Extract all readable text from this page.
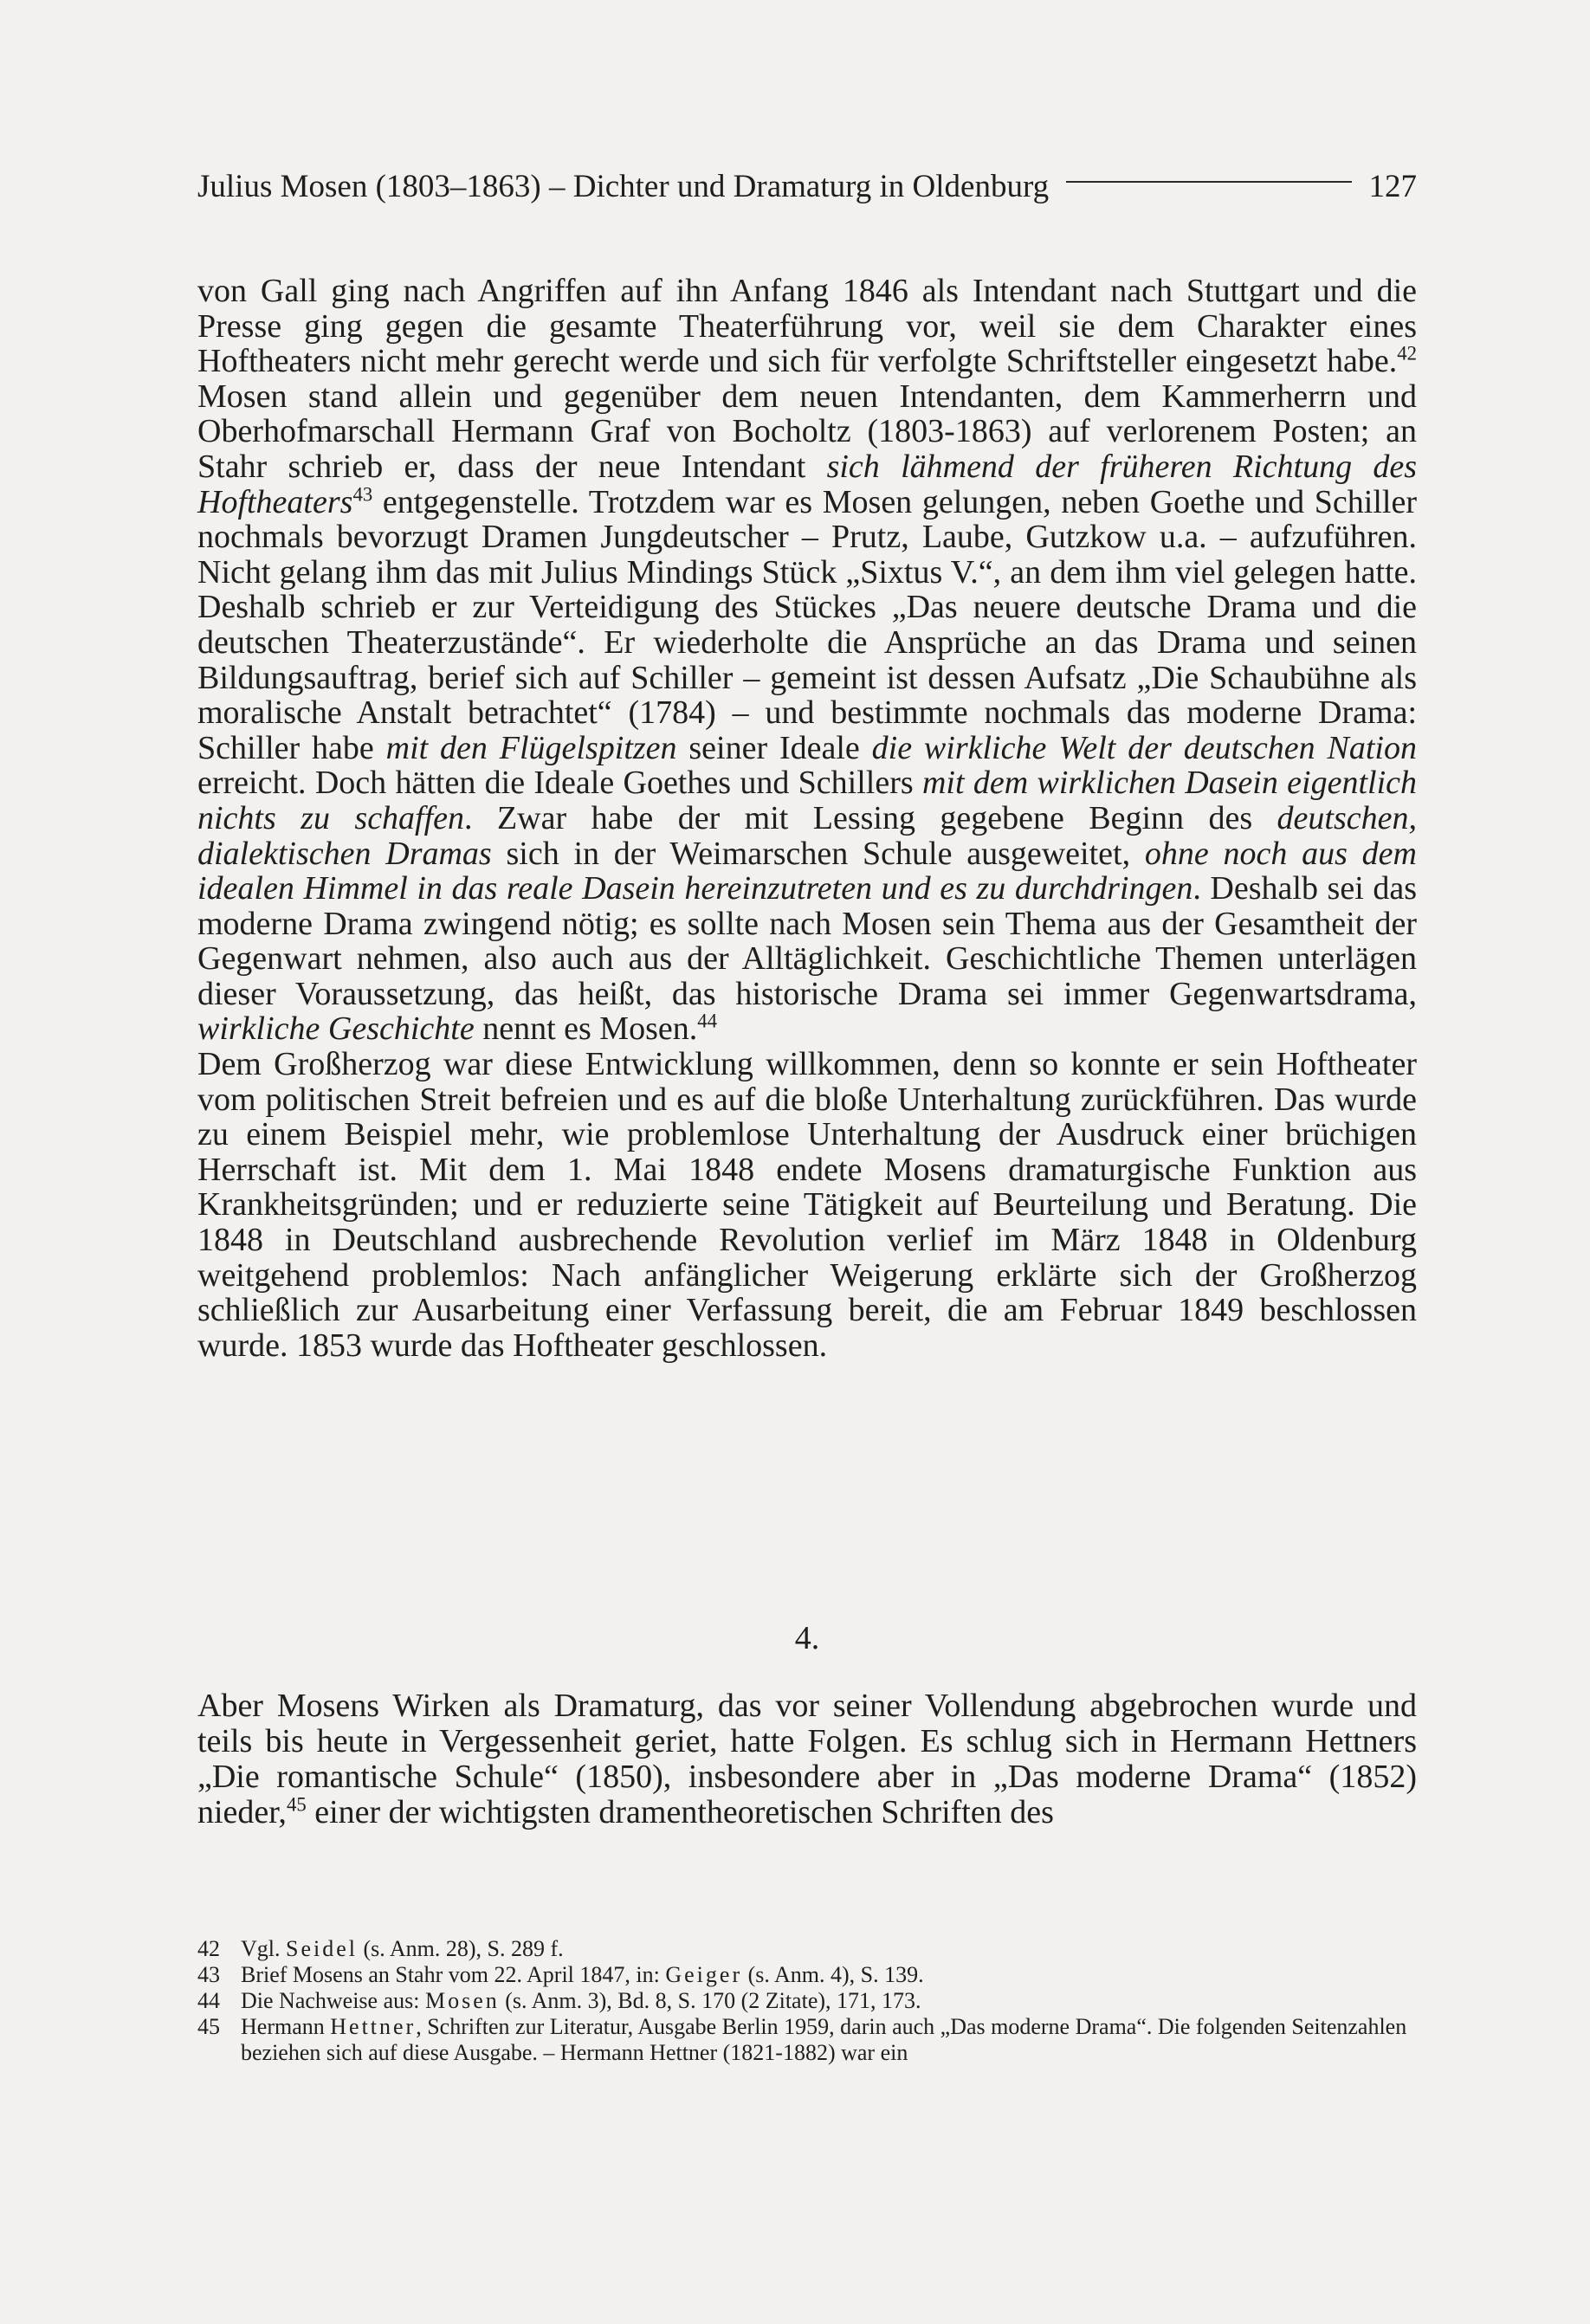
Julius Mosen (1803–1863) – Dichter und Dramaturg in Oldenburg	127

von Gall ging nach Angriffen auf ihn Anfang 1846 als Intendant nach Stuttgart und die Presse ging gegen die gesamte Theaterführung vor, weil sie dem Charakter eines Hoftheaters nicht mehr gerecht werde und sich für verfolgte Schriftsteller eingesetzt habe.$^{42}$ Mosen stand allein und gegenüber dem neuen Intendanten, dem Kammerherrn und Oberhofmarschall Hermann Graf von Bocholtz (1803-1863) auf verlorenem Posten; an Stahr schrieb er, dass der neue Intendant sich lähmend der früheren Richtung des Hoftheaters$^{43}$ entgegenstelle. Trotzdem war es Mosen gelungen, neben Goethe und Schiller nochmals bevorzugt Dramen Jungdeutscher – Prutz, Laube, Gutzkow u.a. – aufzuführen. Nicht gelang ihm das mit Julius Mindings Stück „Sixtus V.“, an dem ihm viel gelegen hatte. Deshalb schrieb er zur Verteidigung des Stückes „Das neuere deutsche Drama und die deutschen Theaterzustände“. Er wiederholte die Ansprüche an das Drama und seinen Bildungsauftrag, berief sich auf Schiller – gemeint ist dessen Aufsatz „Die Schaubühne als moralische Anstalt betrachtet“ (1784) – und bestimmte nochmals das moderne Drama: Schiller habe mit den Flügelspitzen seiner Ideale die wirkliche Welt der deutschen Nation erreicht. Doch hätten die Ideale Goethes und Schillers mit dem wirklichen Dasein eigentlich nichts zu schaffen. Zwar habe der mit Lessing gegebene Beginn des deutschen, dialektischen Dramas sich in der Weimarschen Schule ausgeweitet, ohne noch aus dem idealen Himmel in das reale Dasein hereinzutreten und es zu durchdringen. Deshalb sei das moderne Drama zwingend nötig; es sollte nach Mosen sein Thema aus der Gesamtheit der Gegenwart nehmen, also auch aus der Alltäglichkeit. Geschichtliche Themen unterlägen dieser Voraussetzung, das heißt, das historische Drama sei immer Gegenwartsdrama, wirkliche Geschichte nennt es Mosen.$^{44}$

Dem Großherzog war diese Entwicklung willkommen, denn so konnte er sein Hoftheater vom politischen Streit befreien und es auf die bloße Unterhaltung zurückführen. Das wurde zu einem Beispiel mehr, wie problemlose Unterhaltung der Ausdruck einer brüchigen Herrschaft ist. Mit dem 1. Mai 1848 endete Mosens dramaturgische Funktion aus Krankheitsgründen; und er reduzierte seine Tätigkeit auf Beurteilung und Beratung. Die 1848 in Deutschland ausbrechende Revolution verlief im März 1848 in Oldenburg weitgehend problemlos: Nach anfänglicher Weigerung erklärte sich der Großherzog schließlich zur Ausarbeitung einer Verfassung bereit, die am Februar 1849 beschlossen wurde. 1853 wurde das Hoftheater geschlossen.

4.

Aber Mosens Wirken als Dramaturg, das vor seiner Vollendung abgebrochen wurde und teils bis heute in Vergessenheit geriet, hatte Folgen. Es schlug sich in Hermann Hettners „Die romantische Schule“ (1850), insbesondere aber in „Das moderne Drama“ (1852) nieder,$^{45}$ einer der wichtigsten dramentheoretischen Schriften des

42 Vgl. Seidel (s. Anm. 28), S. 289 f.
43 Brief Mosens an Stahr vom 22. April 1847, in: Geiger (s. Anm. 4), S. 139.
44 Die Nachweise aus: Mosen (s. Anm. 3), Bd. 8, S. 170 (2 Zitate), 171, 173.
45 Hermann Hettner, Schriften zur Literatur, Ausgabe Berlin 1959, darin auch „Das moderne Drama“. Die folgenden Seitenzahlen beziehen sich auf diese Ausgabe. – Hermann Hettner (1821-1882) war ein
